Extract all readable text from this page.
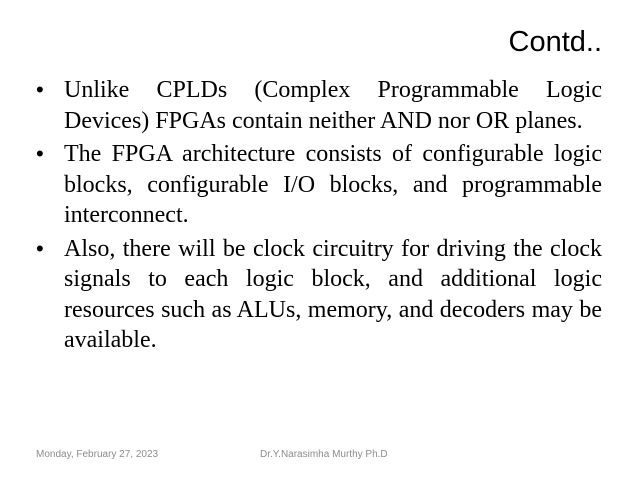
Contd..
• Unlike CPLDs (Complex Programmable Logic Devices) FPGAs contain neither AND nor OR planes.
• The FPGA architecture consists of configurable logic blocks, configurable I/O blocks, and programmable interconnect.
• Also, there will be clock circuitry for driving the clock signals to each logic block, and additional logic resources such as ALUs, memory, and decoders may be available.
Monday, February 27, 2023	Dr.Y.Narasimha Murthy Ph.D
